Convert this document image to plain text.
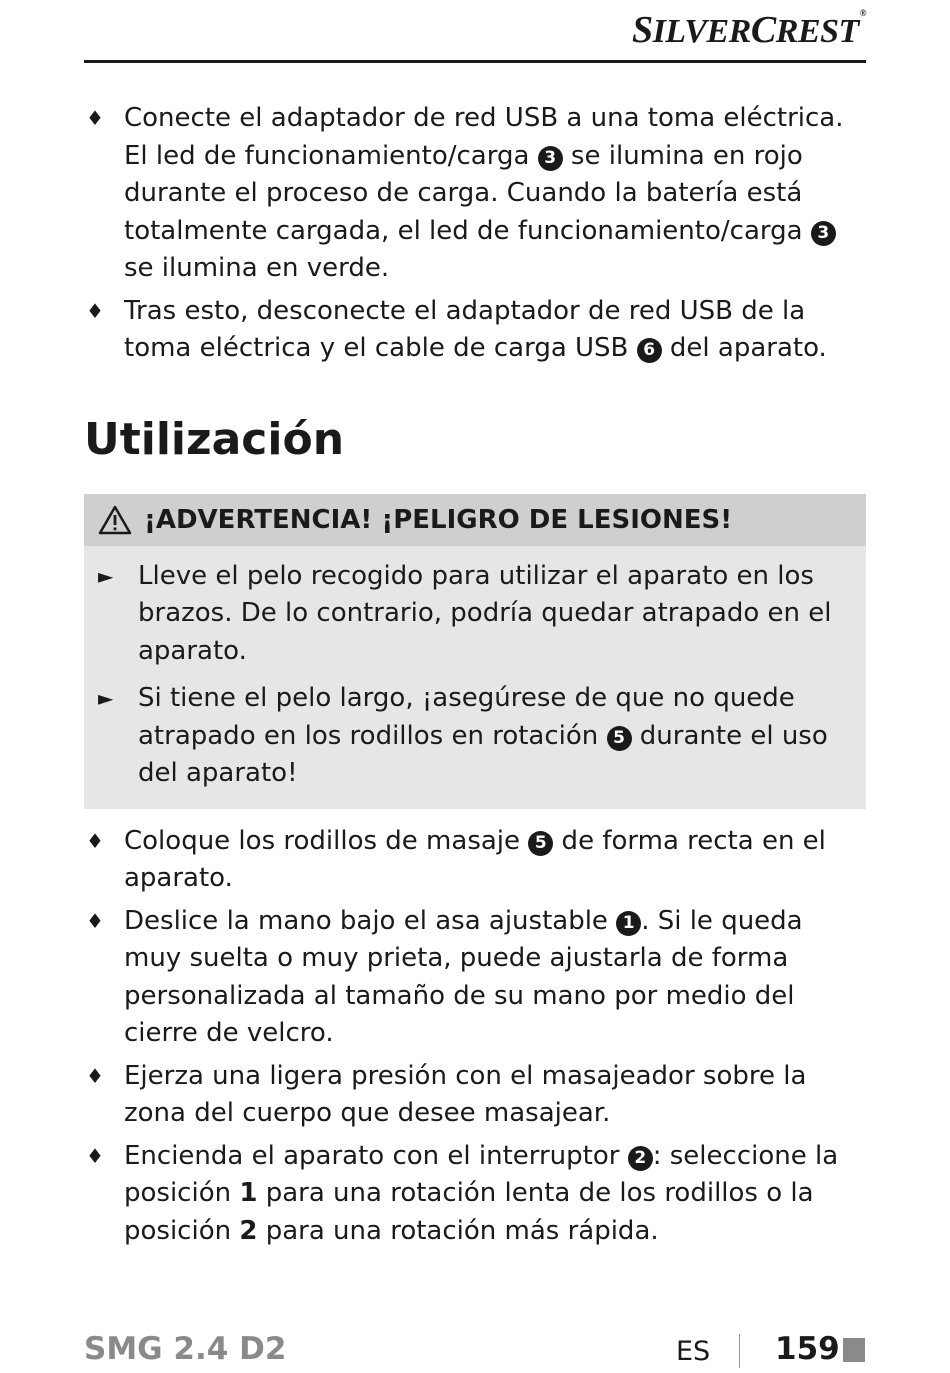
SILVERCREST®

♦ Conecte el adaptador de red USB a una toma eléctrica. El led de funcionamiento/carga 3 se ilumina en rojo durante el proceso de carga. Cuando la batería está totalmente cargada, el led de funcionamiento/carga 3 se ilumina en verde.

♦ Tras esto, desconecte el adaptador de red USB de la toma eléctrica y el cable de carga USB 6 del aparato.

Utilización
¡ADVERTENCIA! ¡PELIGRO DE LESIONES!
► Lleve el pelo recogido para utilizar el aparato en los brazos. De lo contrario, podría quedar atrapado en el aparato.
► Si tiene el pelo largo, ¡asegúrese de que no quede atrapado en los rodillos en rotación 5 durante el uso del aparato!

♦ Coloque los rodillos de masaje 5 de forma recta en el aparato.

♦ Deslice la mano bajo el asa ajustable 1 . Si le queda muy suelta o muy prieta, puede ajustarla de forma personalizada al tamaño de su mano por medio del cierre de velcro.

♦ Ejerza una ligera presión con el masajeador sobre la zona del cuerpo que desee masajear.

♦ Encienda el aparato con el interruptor 2 : seleccione la posición 1 para una rotación lenta de los rodillos o la posición 2 para una rotación más rápida.

SMG 2.4 D2	ES 159
